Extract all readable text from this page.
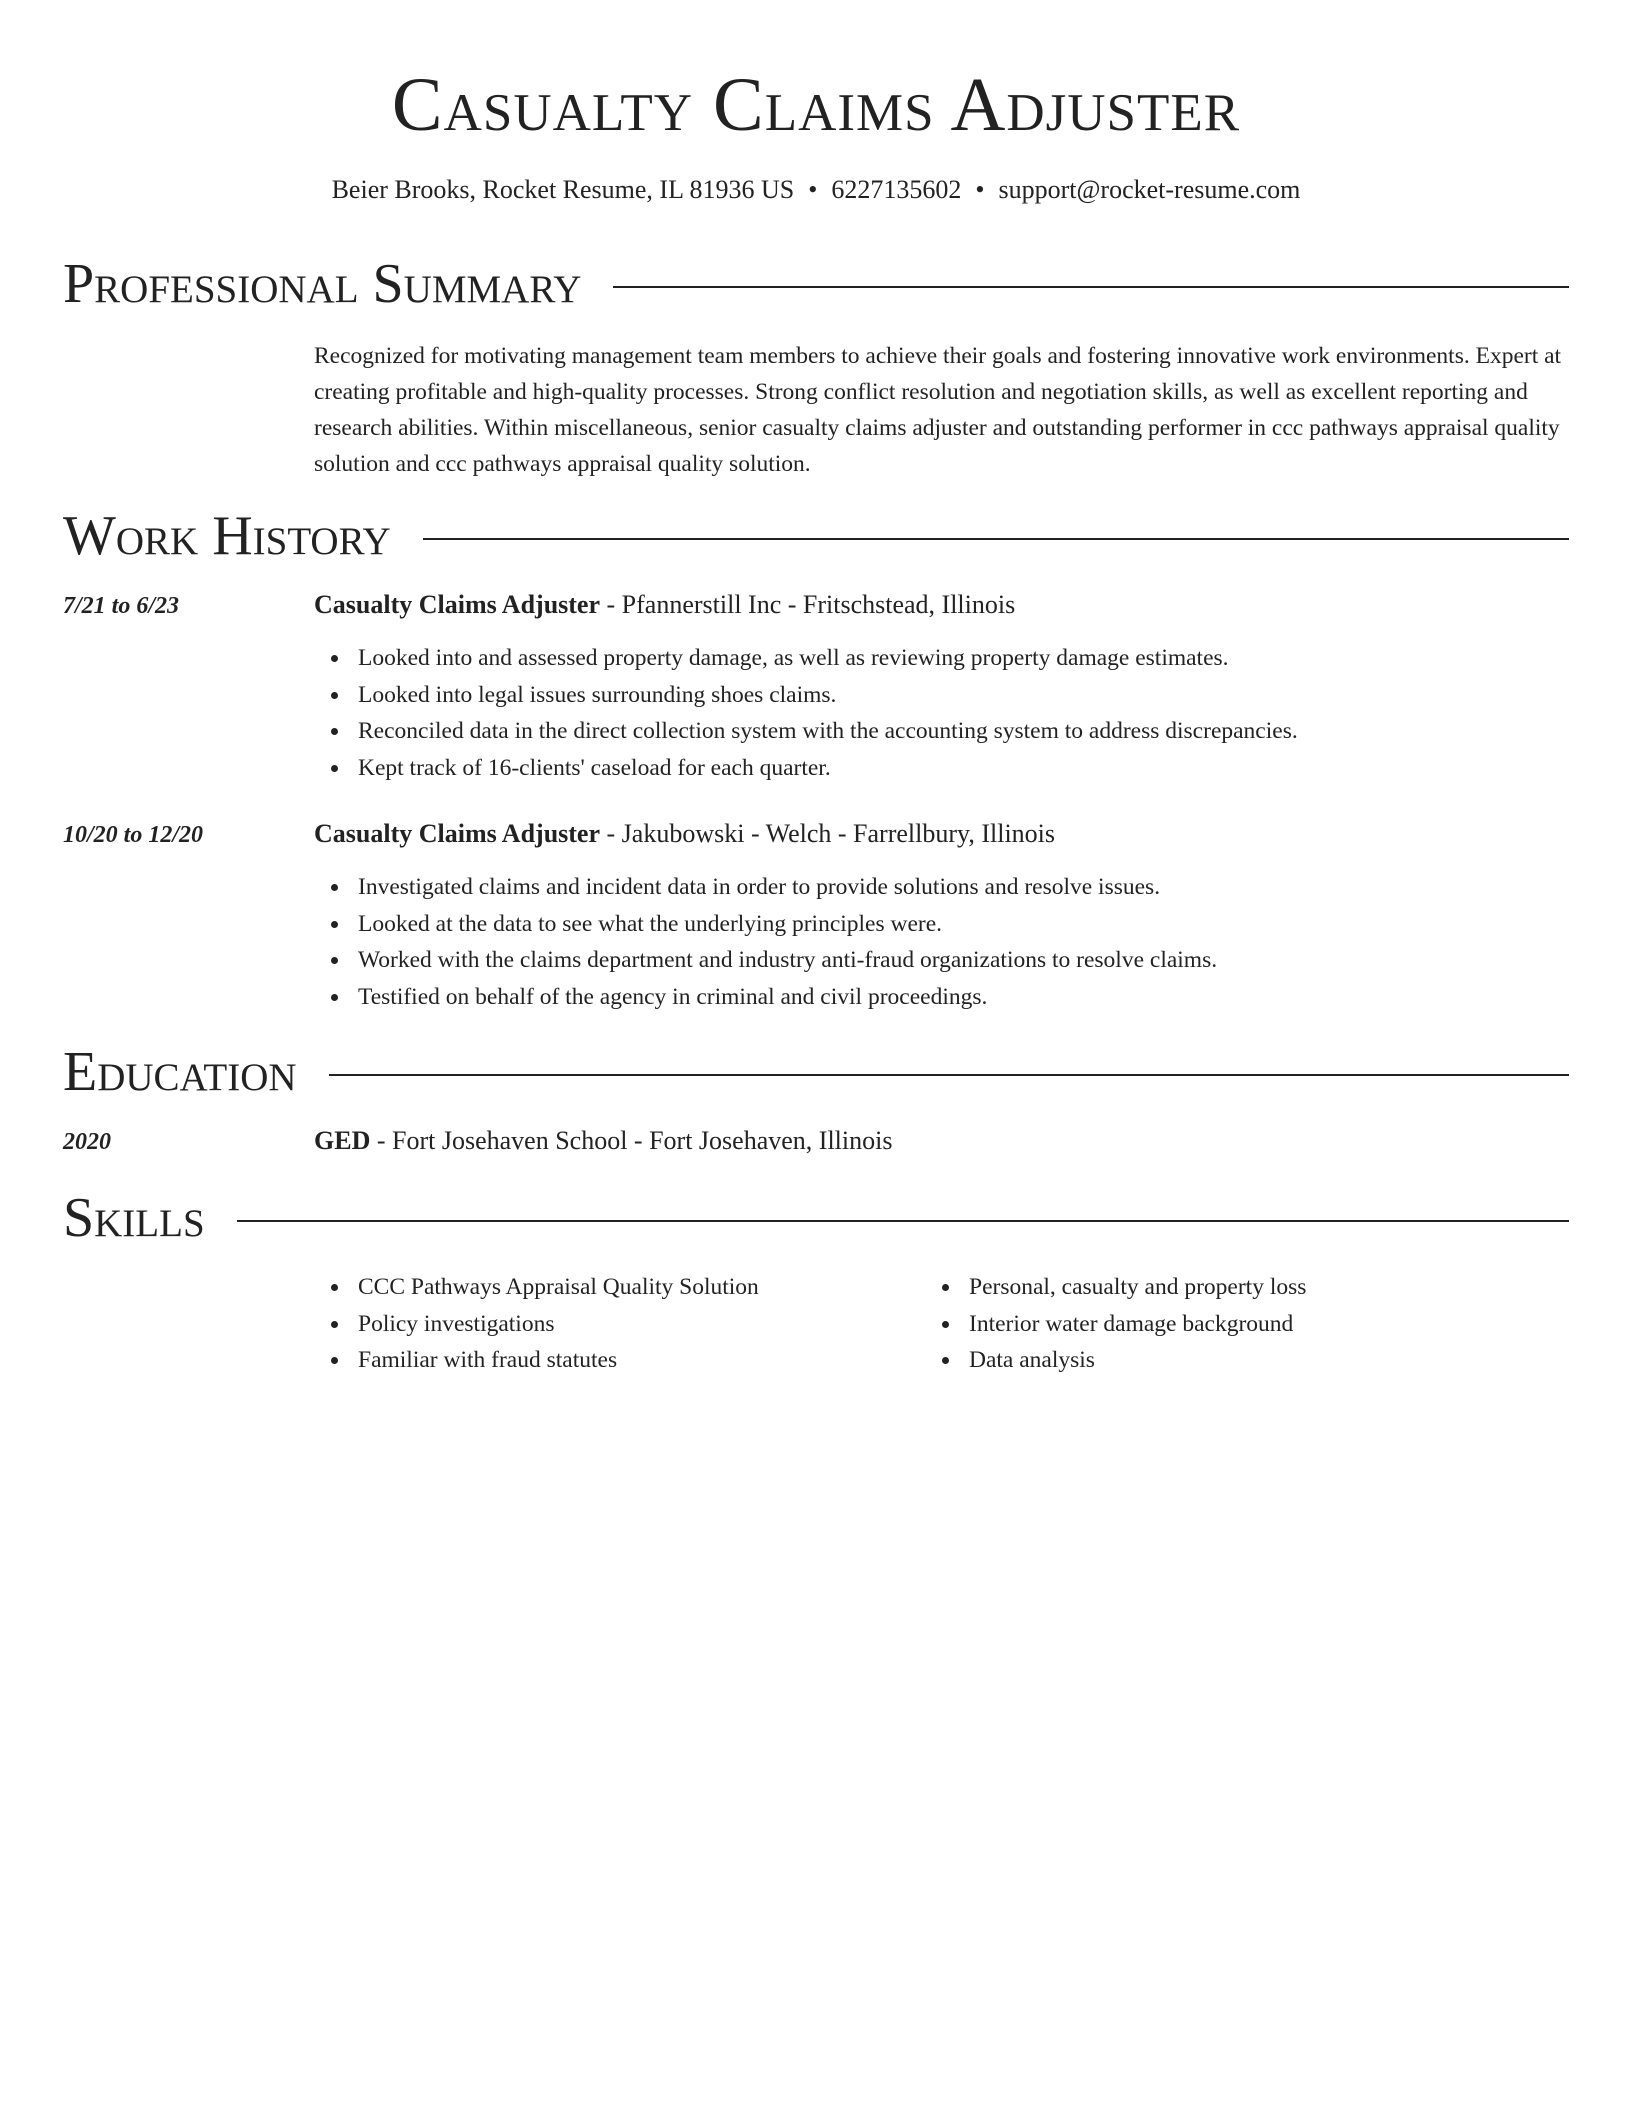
Casualty Claims Adjuster
Beier Brooks, Rocket Resume, IL 81936 US • 6227135602 • support@rocket-resume.com
Professional Summary
Recognized for motivating management team members to achieve their goals and fostering innovative work environments. Expert at creating profitable and high-quality processes. Strong conflict resolution and negotiation skills, as well as excellent reporting and research abilities. Within miscellaneous, senior casualty claims adjuster and outstanding performer in ccc pathways appraisal quality solution and ccc pathways appraisal quality solution.
Work History
7/21 to 6/23	Casualty Claims Adjuster - Pfannerstill Inc - Fritschstead, Illinois
Looked into and assessed property damage, as well as reviewing property damage estimates.
Looked into legal issues surrounding shoes claims.
Reconciled data in the direct collection system with the accounting system to address discrepancies.
Kept track of 16-clients' caseload for each quarter.
10/20 to 12/20	Casualty Claims Adjuster - Jakubowski - Welch - Farrellbury, Illinois
Investigated claims and incident data in order to provide solutions and resolve issues.
Looked at the data to see what the underlying principles were.
Worked with the claims department and industry anti-fraud organizations to resolve claims.
Testified on behalf of the agency in criminal and civil proceedings.
Education
2020	GED - Fort Josehaven School - Fort Josehaven, Illinois
Skills
CCC Pathways Appraisal Quality Solution
Policy investigations
Familiar with fraud statutes
Personal, casualty and property loss
Interior water damage background
Data analysis
